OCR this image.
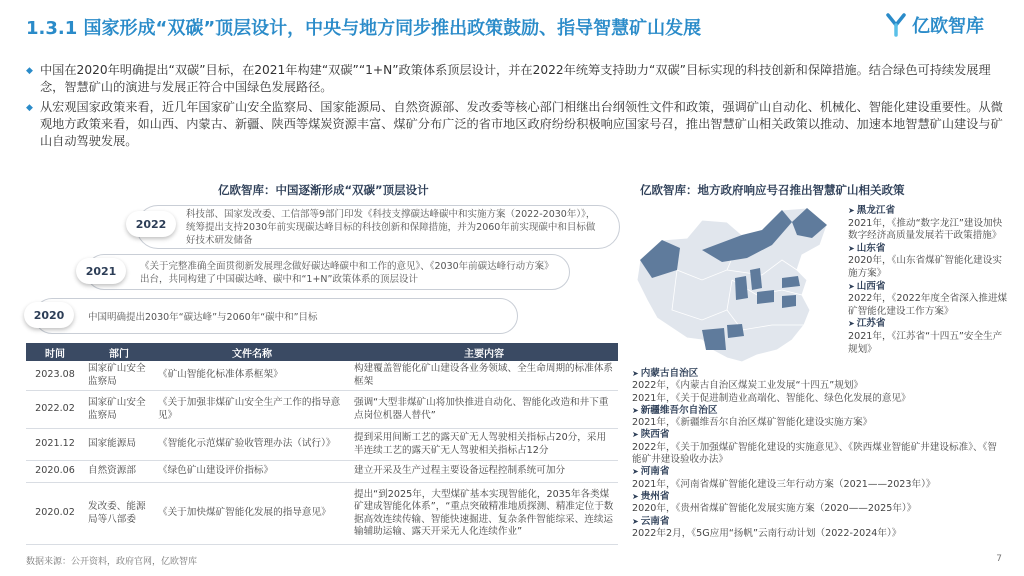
1.3.1 国家形成“双碳”顶层设计，中央与地方同步推出政策鼓励、指导智慧矿山发展	亿欧智库
◆ 中国在2020年明确提出“双碳”目标，在2021年构建“双碳”“1+N”政策体系顶层设计，并在2022年统筹支持助力“双碳”目标实现的科技创新和保障措施。结合绿色可持续发展理念，智慧矿山的演进与发展正符合中国绿色发展路径。
◆ 从宏观国家政策来看，近几年国家矿山安全监察局、国家能源局、自然资源部、发改委等核心部门相继出台纲领性文件和政策，强调矿山自动化、机械化、智能化建设重要性。从微观地方政策来看，如山西、内蒙古、新疆、陕西等煤炭资源丰富、煤矿分布广泛的省市地区政府纷纷积极响应国家号召，推出智慧矿山相关政策以推动、加速本地智慧矿山建设与矿山自动驾驶发展。
亿欧智库：中国逐渐形成“双碳”顶层设计
2022
科技部、国家发改委、工信部等9部门印发《科技支撑碳达峰碳中和实施方案（2022-2030年）》，统筹提出支持2030年前实现碳达峰目标的科技创新和保障措施，并为2060年前实现碳中和目标做好技术研发储备
2021	《关于完整准确全面贯彻新发展理念做好碳达峰碳中和工作的意见》、《2030年前碳达峰行动方案》出台，共同构建了中国碳达峰、碳中和“1+N”政策体系的顶层设计
2020	中国明确提出2030年“碳达峰”与2060年“碳中和”目标
时间	部门	文件名称	主要内容
2023.08	国家矿山安全监察局	《矿山智能化标准体系框架》	构建覆盖智能化矿山建设各业务领域、全生命周期的标准体系框架
2022.02	国家矿山安全监察局	《关于加强非煤矿山安全生产工作的指导意见》	强调“大型非煤矿山将加快推进自动化、智能化改造和井下重点岗位机器人替代”
2021.12	国家能源局	《智能化示范煤矿验收管理办法（试行）》	提到采用间断工艺的露天矿无人驾驶相关指标占20分，采用半连续工艺的露天矿无人驾驶相关指标占12分
2020.06	自然资源部	《绿色矿山建设评价指标》	建立开采及生产过程主要设备远程控制系统可加分
2020.02	发改委、能源局等八部委	《关于加快煤矿智能化发展的指导意见》	提出“到2025年，大型煤矿基本实现智能化，2035年各类煤矿建成智能化体系”，“重点突破精准地质探测、精准定位于数据高效连续传输、智能快速掘进、复杂条件智能综采、连续运输辅助运输、露天开采无人化连续作业”
亿欧智库：地方政府响应号召推出智慧矿山相关政策
➤ 黑龙江省
2021年，《推动“数字龙江”建设加快数字经济高质量发展若干政策措施》
➤ 山东省
2020年，《山东省煤矿智能化建设实施方案》
➤ 山西省
2022年，《2022年度全省深入推进煤矿智能化建设工作方案》
➤ 江苏省
2021年，《江苏省“十四五”安全生产规划》
➤ 内蒙古自治区
2022年，《内蒙古自治区煤炭工业发展“十四五”规划》
2021年，《关于促进制造业高端化、智能化、绿色化发展的意见》
➤ 新疆维吾尔自治区
2021年，《新疆维吾尔自治区煤矿智能化建设实施方案》
➤ 陕西省
2022年，《关于加强煤矿智能化建设的实施意见》、《陕西煤业智能矿井建设标准》、《智能矿井建设验收办法》
➤ 河南省
2021年，《河南省煤矿智能化建设三年行动方案（2021——2023年）》
➤ 贵州省
2020年，《贵州省煤矿智能化发展实施方案（2020——2025年）》
➤ 云南省
2022年2月，《5G应用“扬帆”云南行动计划（2022-2024年）》
数据来源：公开资料，政府官网，亿欧智库	7
